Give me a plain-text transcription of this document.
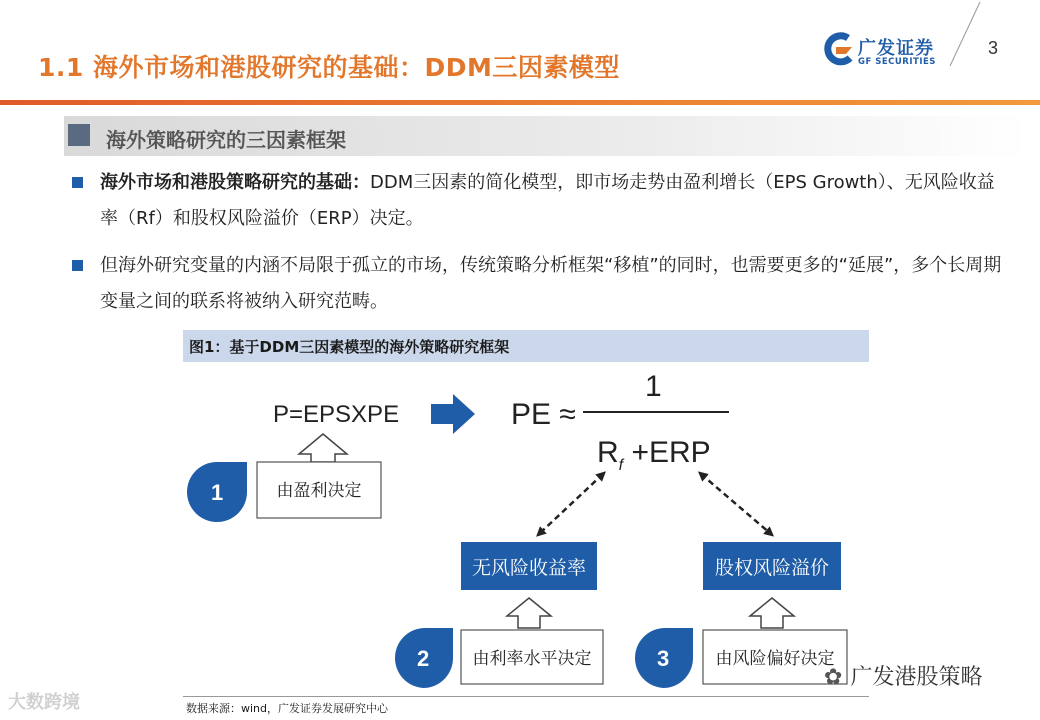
1.1 海外市场和港股研究的基础：DDM三因素模型
广发证券
GF SECURITIES
3
海外策略研究的三因素框架
海外市场和港股策略研究的基础：DDM三因素的简化模型，即市场走势由盈利增长（EPS Growth）、无风险收益率（Rf）和股权风险溢价（ERP）决定。
但海外研究变量的内涵不局限于孤立的市场，传统策略分析框架“移植”的同时，也需要更多的“延展”，多个长周期变量之间的联系将被纳入研究范畴。
图1：基于DDM三因素模型的海外策略研究框架
P=EPSXPE	PE ≈
1
$R_f +ERP$
1	由盈利决定
无风险收益率	股权风险溢价
2	由利率水平决定	3	由风险偏好决定
数据来源：wind，广发证券发展研究中心
大数跨境
✿ 广发港股策略
